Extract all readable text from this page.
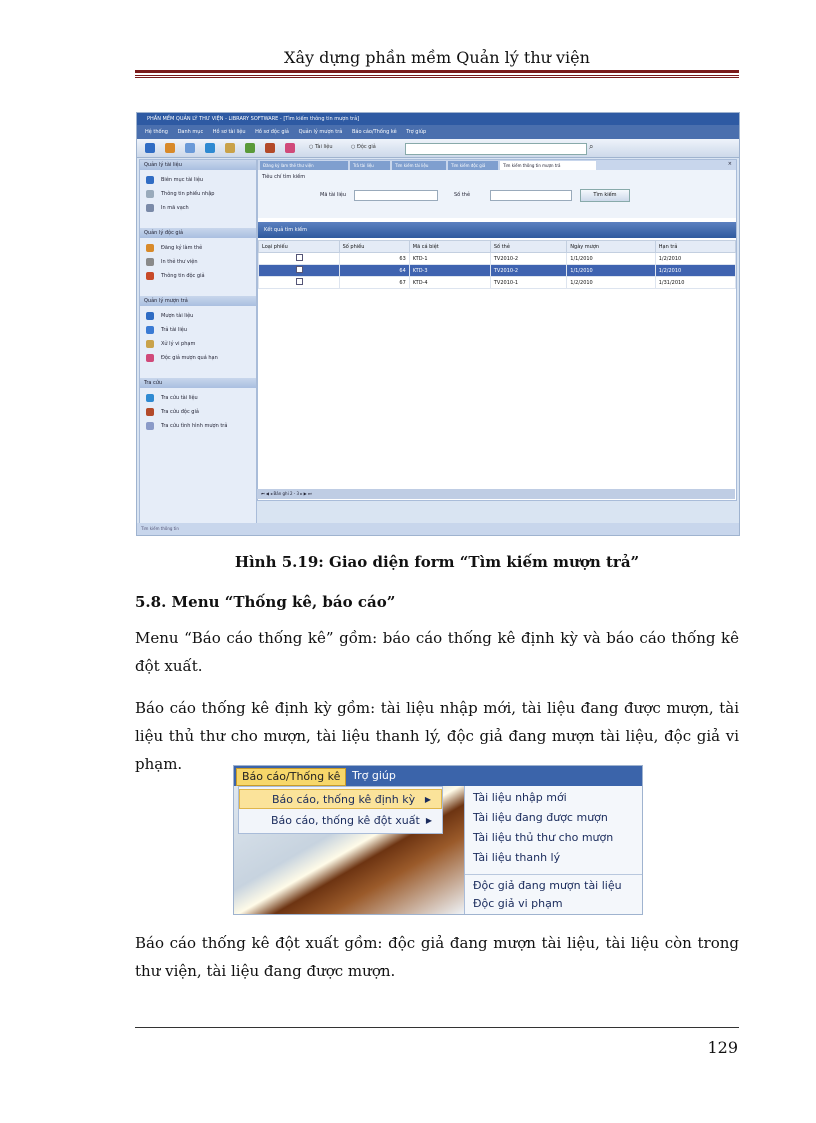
Xây dựng phần mềm Quản lý thư viện
PHẦN MỀM QUẢN LÝ THƯ VIỆN - LIBRARY SOFTWARE - [Tìm kiếm thông tin mượn trả]
Hệ thống Danh mục Hồ sơ tài liệu Hồ sơ độc giả Quản lý mượn trả Báo cáo/Thống kê Trợ giúp
○ Tài liệu	○ Độc giả	⌕
Quản lý tài liệu
Biên mục tài liệu
Thông tin phiếu nhập
In mã vạch
Quản lý độc giả
Đăng ký làm thẻ
In thẻ thư viện
Thông tin độc giả
Quản lý mượn trả
Mượn tài liệu
Trả tài liệu
Xử lý vi phạm
Độc giả mượn quá hạn
Tra cứu
Tra cứu tài liệu
Tra cứu độc giả
Tra cứu tình hình mượn trả
Đăng ký làm thẻ thư viện	Trả tài liệu	Tìm kiếm tài liệu	Tìm kiếm độc giả	Tìm kiếm thông tin mượn trả	×
Tiêu chí tìm kiếm
Mã tài liệu	Số thẻ	Tìm kiếm
Kết quả tìm kiếm
Loại phiếu	Số phiếu	Mã cá biệt	Số thẻ	Ngày mượn	Hạn trả
	63	KTD-1	TV2010-2	1/1/2010	1/2/2010
	64	KTD-3	TV2010-2	1/1/2010	1/2/2010
	67	KTD-4	TV2010-1	1/2/2010	1/31/2010
⏮ ◀ ◂ Bản ghi 2 - 3 ▸ ▶ ⏭
Tìm kiếm thông tin
Hình 5.19: Giao diện form “Tìm kiếm mượn trả”
5.8. Menu “Thống kê, báo cáo”
Menu “Báo cáo thống kê” gồm: báo cáo thống kê định kỳ và báo cáo thống kê đột xuất.
Báo cáo thống kê định kỳ gồm: tài liệu nhập mới, tài liệu đang được mượn, tài liệu thủ thư cho mượn, tài liệu thanh lý, độc giả đang mượn tài liệu, độc giả vi phạm.
Báo cáo/Thống kê	Trợ giúp
Báo cáo, thống kê định kỳ ▶
Báo cáo, thống kê đột xuất ▶
Tài liệu nhập mới
Tài liệu đang được mượn
Tài liệu thủ thư cho mượn
Tài liệu thanh lý
Độc giả đang mượn tài liệu
Độc giả vi phạm
Báo cáo thống kê đột xuất gồm: độc giả đang mượn tài liệu, tài liệu còn trong thư viện, tài liệu đang được mượn.
129
